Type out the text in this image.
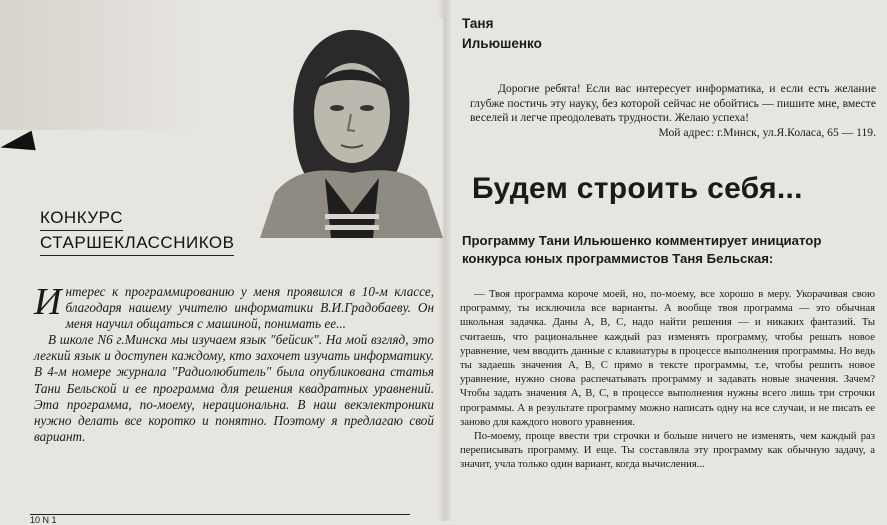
КОНКУРС
СТАРШЕКЛАССНИКОВ

Интерес к программированию у меня проявился в 10-м классе, благодаря нашему учителю информатики В.И.Градобаеву. Он меня научил общаться с машиной, понимать ее...

В школе N6 г.Минска мы изучаем язык "бейсик". На мой взгляд, это легкий язык и доступен каждому, кто захочет изучать информатику. В 4-м номере журнала "Радиолюбитель" была опубликована статья Тани Бельской и ее программа для решения квадратных уравнений. Эта программа, по-моему, нерациональна. В наш векэлектроники нужно делать все коротко и понятно. Поэтому я предлагаю свой вариант.

10 N 1
Таня
Ильюшенко

Дорогие ребята! Если вас интересует информатика, и если есть желание глубже постичь эту науку, без которой сейчас не обойтись — пишите мне, вместе веселей и легче преодолевать трудности. Желаю успеха!

Мой адрес: г.Минск, ул.Я.Коласа, 65 — 119.

Будем строить себя...
Программу Тани Ильюшенко комментирует инициатор конкурса юных программистов Таня Бельская:

— Твоя программа короче моей, но, по-моему, все хорошо в меру. Укорачивая свою программу, ты исключила все варианты. А вообще твоя программа — это обычная школьная задачка. Даны А, В, С, надо найти решения — и никаких фантазий. Ты считаешь, что рациональнее каждый раз изменять программу, чтобы решать новое уравнение, чем вводить данные с клавиатуры в процессе выполнения программы. Но ведь ты задаешь значения А, В, С прямо в тексте программы, т.е, чтобы решить новое уравнение, нужно снова распечатывать программу и задавать новые значения. Зачем? Чтобы задать значения А, В, С, в процессе выполнения нужны всего лишь три строчки программы. А в результате программу можно написать одну на все случаи, и не писать ее заново для каждого нового уравнения.

По-моему, проще ввести три строчки и больше ничего не изменять, чем каждый раз переписывать программу. И еще. Ты составляла эту программу как обычную задачу, а значит, учла только один вариант, когда вычисления...
